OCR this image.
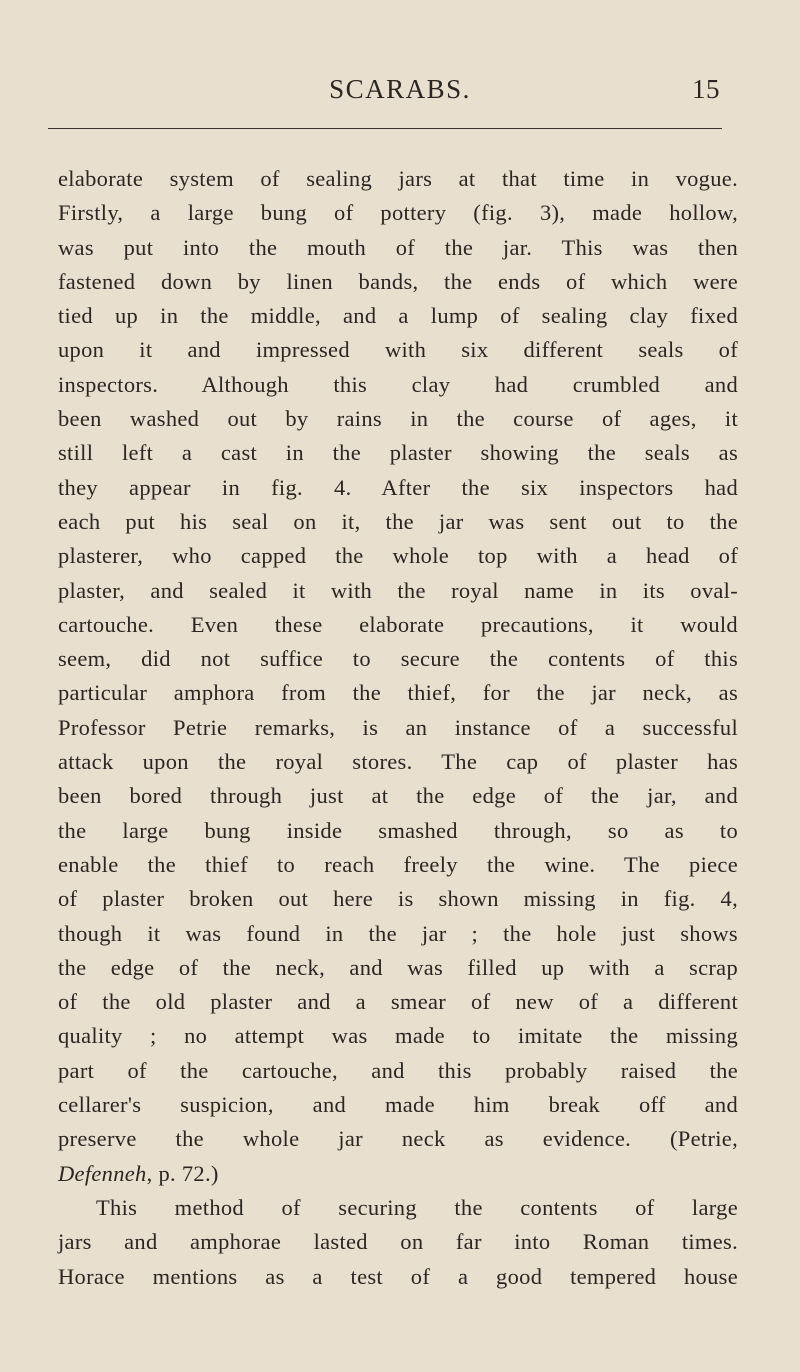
SCARABS.	15
elaborate system of sealing jars at that time in vogue.
Firstly, a large bung of pottery (fig. 3), made hollow,
was put into the mouth of the jar. This was then
fastened down by linen bands, the ends of which were
tied up in the middle, and a lump of sealing clay fixed
upon it and impressed with six different seals of
inspectors. Although this clay had crumbled and
been washed out by rains in the course of ages, it
still left a cast in the plaster showing the seals as
they appear in fig. 4. After the six inspectors had
each put his seal on it, the jar was sent out to the
plasterer, who capped the whole top with a head of
plaster, and sealed it with the royal name in its oval-
cartouche. Even these elaborate precautions, it would
seem, did not suffice to secure the contents of this
particular amphora from the thief, for the jar neck, as
Professor Petrie remarks, is an instance of a successful
attack upon the royal stores. The cap of plaster has
been bored through just at the edge of the jar, and
the large bung inside smashed through, so as to
enable the thief to reach freely the wine. The piece
of plaster broken out here is shown missing in fig. 4,
though it was found in the jar ; the hole just shows
the edge of the neck, and was filled up with a scrap
of the old plaster and a smear of new of a different
quality ; no attempt was made to imitate the missing
part of the cartouche, and this probably raised the
cellarer's suspicion, and made him break off and
preserve the whole jar neck as evidence. (Petrie,
Defenneh, p. 72.)
This method of securing the contents of large
jars and amphorae lasted on far into Roman times.
Horace mentions as a test of a good tempered house
